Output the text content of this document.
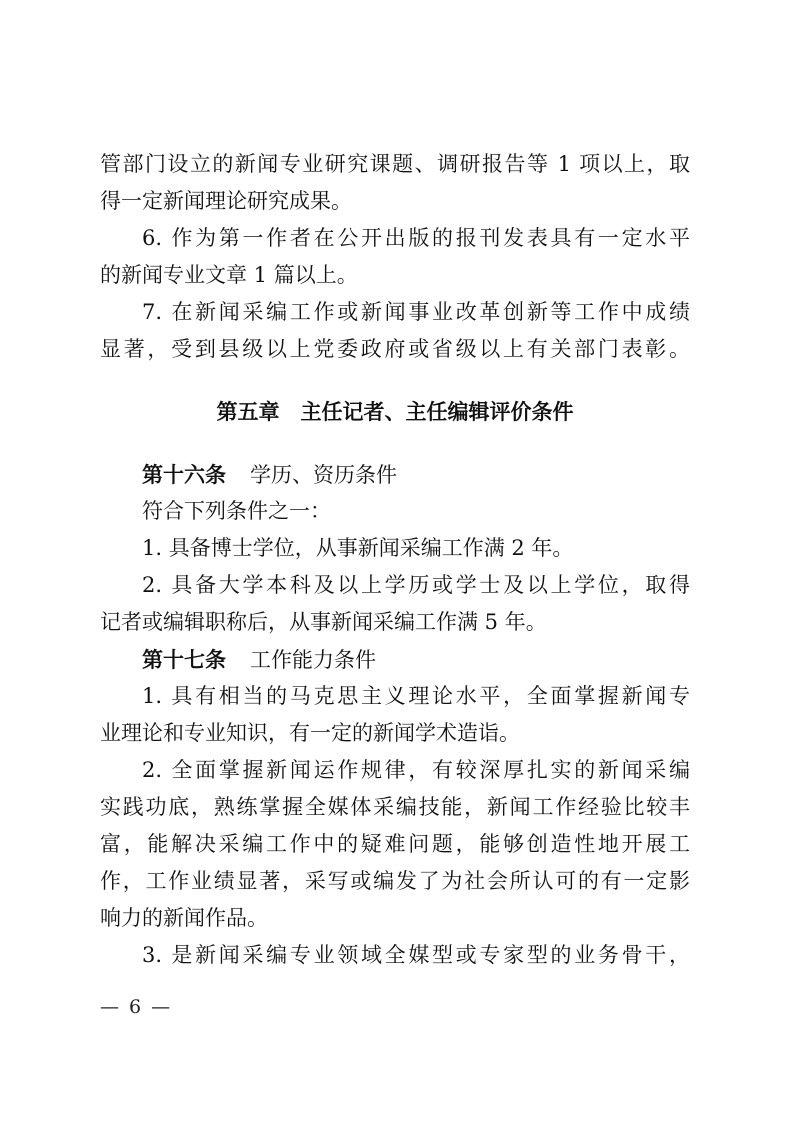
管部门设立的新闻专业研究课题、调研报告等 1 项以上，取
得一定新闻理论研究成果。
6. 作为第一作者在公开出版的报刊发表具有一定水平
的新闻专业文章 1 篇以上。
7. 在新闻采编工作或新闻事业改革创新等工作中成绩
显著，受到县级以上党委政府或省级以上有关部门表彰。
第五章　主任记者、主任编辑评价条件
第十六条 学历、资历条件
符合下列条件之一：
1. 具备博士学位，从事新闻采编工作满 2 年。
2. 具备大学本科及以上学历或学士及以上学位，取得
记者或编辑职称后，从事新闻采编工作满 5 年。
第十七条 工作能力条件
1. 具有相当的马克思主义理论水平，全面掌握新闻专
业理论和专业知识，有一定的新闻学术造诣。
2. 全面掌握新闻运作规律，有较深厚扎实的新闻采编
实践功底，熟练掌握全媒体采编技能，新闻工作经验比较丰
富，能解决采编工作中的疑难问题，能够创造性地开展工
作，工作业绩显著，采写或编发了为社会所认可的有一定影
响力的新闻作品。
3. 是新闻采编专业领域全媒型或专家型的业务骨干，
— 6 —
